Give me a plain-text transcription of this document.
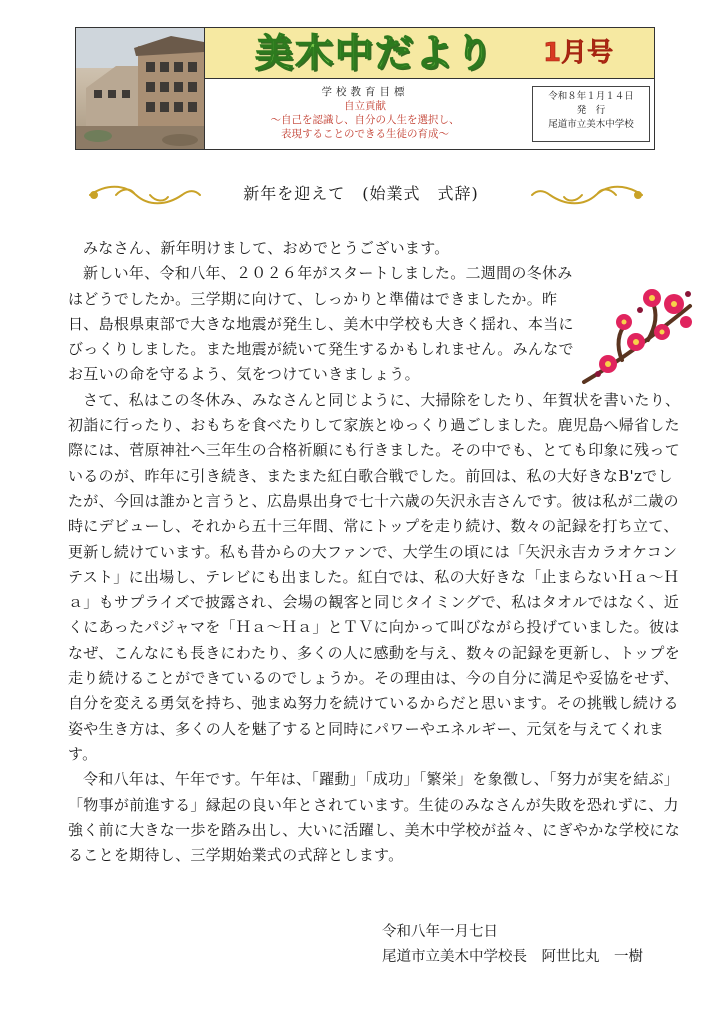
美木中だより 1月号
学校教育目標
自立貢献
～自己を認識し、自分の人生を選択し、
表現することのできる生徒の育成～
令和８年１月１４日
発　行
尾道市立美木中学校
新年を迎えて　(始業式　式辞)

みなさん、新年明けまして、おめでとうございます。

新しい年、令和八年、２０２６年がスタートしました。二週間の冬休みはどうでしたか。三学期に向けて、しっかりと準備はできましたか。昨日、島根県東部で大きな地震が発生し、美木中学校も大きく揺れ、本当にびっくりしました。また地震が続いて発生するかもしれません。みんなでお互いの命を守るよう、気をつけていきましょう。

さて、私はこの冬休み、みなさんと同じように、大掃除をしたり、年賀状を書いたり、初詣に行ったり、おもちを食べたりして家族とゆっくり過ごしました。鹿児島へ帰省した際には、菅原神社へ三年生の合格祈願にも行きました。その中でも、とても印象に残っているのが、昨年に引き続き、またまた紅白歌合戦でした。前回は、私の大好きなB'zでしたが、今回は誰かと言うと、広島県出身で七十六歳の矢沢永吉さんです。彼は私が二歳の時にデビューし、それから五十三年間、常にトップを走り続け、数々の記録を打ち立て、更新し続けています。私も昔からの大ファンで、大学生の頃には「矢沢永吉カラオケコンテスト」に出場し、テレビにも出ました。紅白では、私の大好きな「止まらないＨａ～Ｈａ」もサプライズで披露され、会場の観客と同じタイミングで、私はタオルではなく、近くにあったパジャマを「Ｈａ～Ｈａ」とＴＶに向かって叫びながら投げていました。彼はなぜ、こんなにも長きにわたり、多くの人に感動を与え、数々の記録を更新し、トップを走り続けることができているのでしょうか。その理由は、今の自分に満足や妥協をせず、自分を変える勇気を持ち、弛まぬ努力を続けているからだと思います。その挑戦し続ける姿や生き方は、多くの人を魅了すると同時にパワーやエネルギー、元気を与えてくれます。

令和八年は、午年です。午年は、「躍動」「成功」「繁栄」を象徴し、「努力が実を結ぶ」「物事が前進する」縁起の良い年とされています。生徒のみなさんが失敗を恐れずに、力強く前に大きな一歩を踏み出し、大いに活躍し、美木中学校が益々、にぎやかな学校になることを期待し、三学期始業式の式辞とします。

令和八年一月七日
尾道市立美木中学校長　阿世比丸　一樹
